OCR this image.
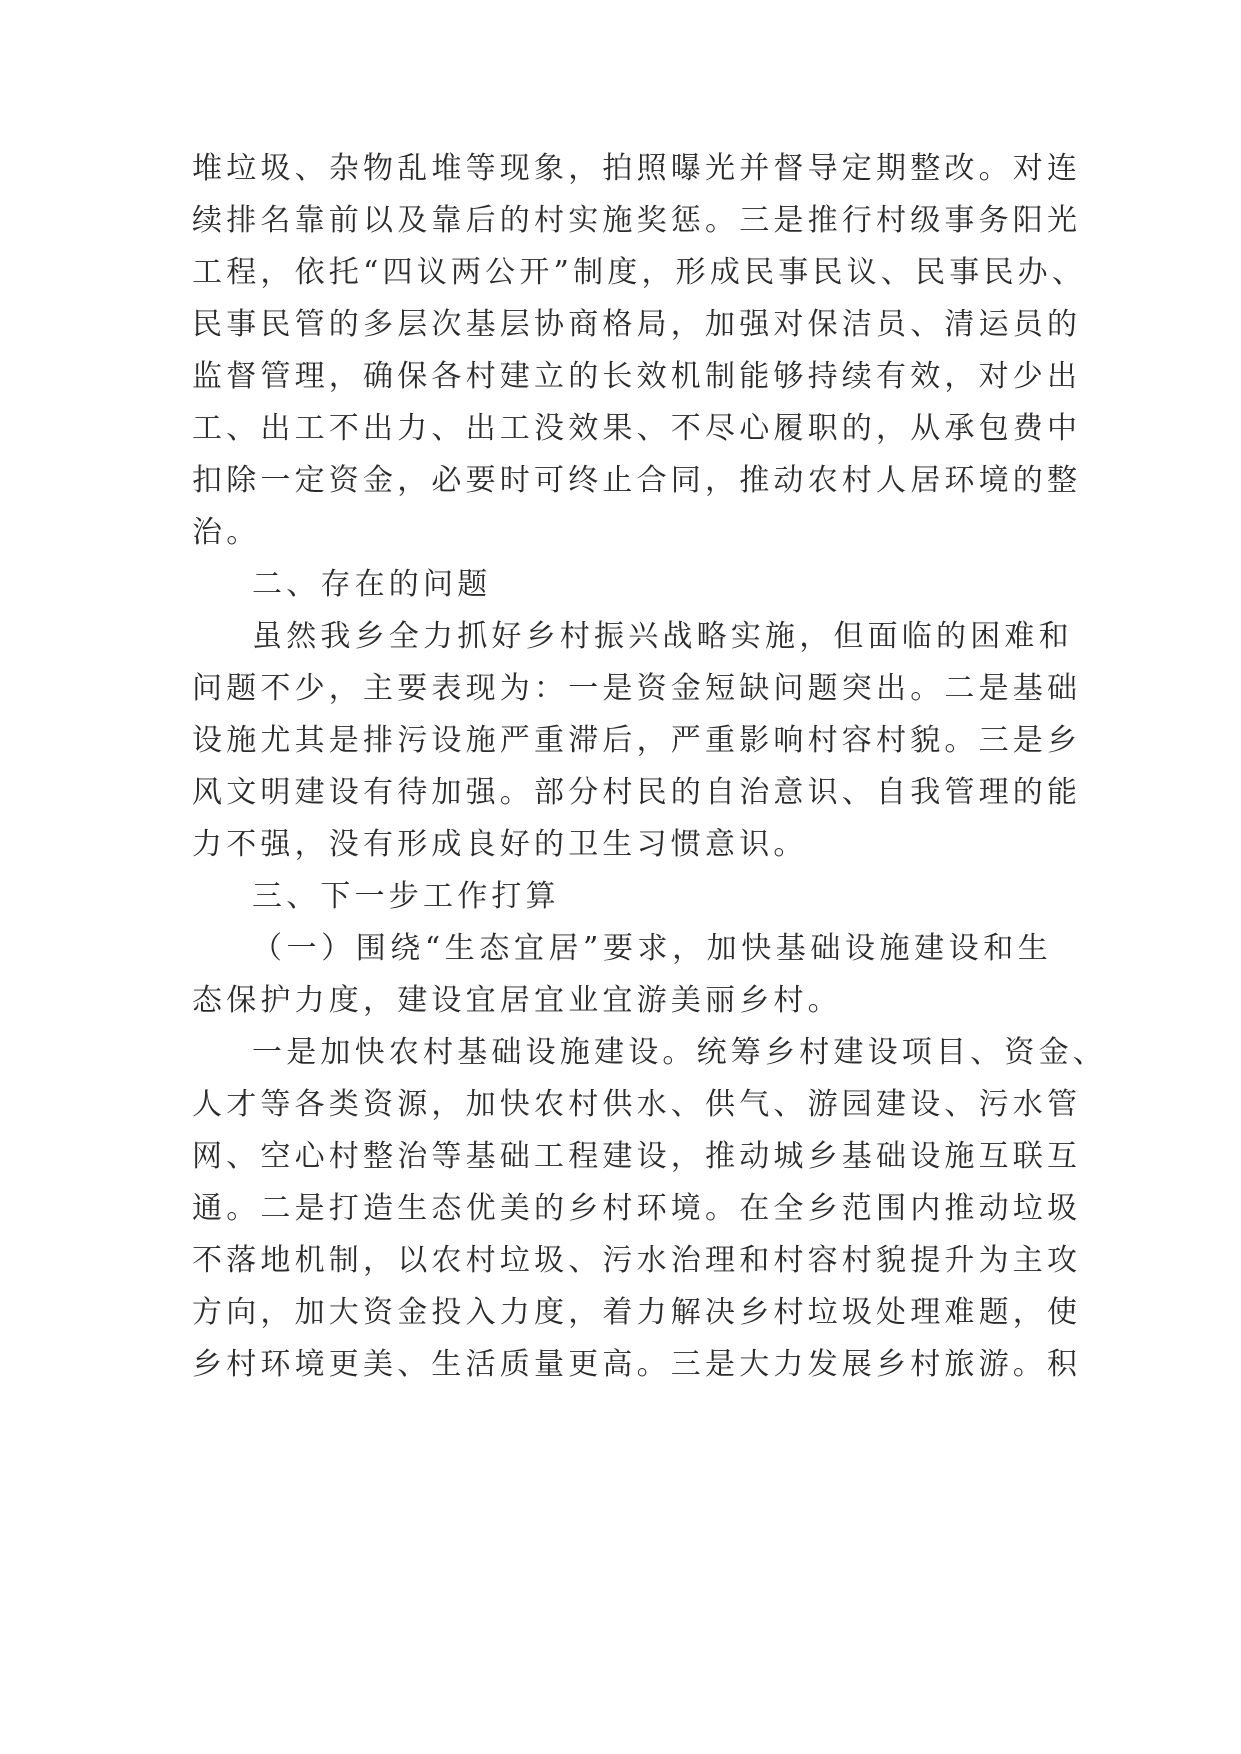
堆垃圾、杂物乱堆等现象，拍照曝光并督导定期整改。对连
续排名靠前以及靠后的村实施奖惩。三是推行村级事务阳光
工程，依托“四议两公开”制度，形成民事民议、民事民办、
民事民管的多层次基层协商格局，加强对保洁员、清运员的
监督管理，确保各村建立的长效机制能够持续有效，对少出
工、出工不出力、出工没效果、不尽心履职的，从承包费中
扣除一定资金，必要时可终止合同，推动农村人居环境的整
治。
二、存在的问题
虽然我乡全力抓好乡村振兴战略实施，但面临的困难和
问题不少，主要表现为：一是资金短缺问题突出。二是基础
设施尤其是排污设施严重滞后，严重影响村容村貌。三是乡
风文明建设有待加强。部分村民的自治意识、自我管理的能
力不强，没有形成良好的卫生习惯意识。
三、下一步工作打算
（一）围绕“生态宜居”要求，加快基础设施建设和生
态保护力度，建设宜居宜业宜游美丽乡村。
一是加快农村基础设施建设。统筹乡村建设项目、资金、
人才等各类资源，加快农村供水、供气、游园建设、污水管
网、空心村整治等基础工程建设，推动城乡基础设施互联互
通。二是打造生态优美的乡村环境。在全乡范围内推动垃圾
不落地机制，以农村垃圾、污水治理和村容村貌提升为主攻
方向，加大资金投入力度，着力解决乡村垃圾处理难题，使
乡村环境更美、生活质量更高。三是大力发展乡村旅游。积
